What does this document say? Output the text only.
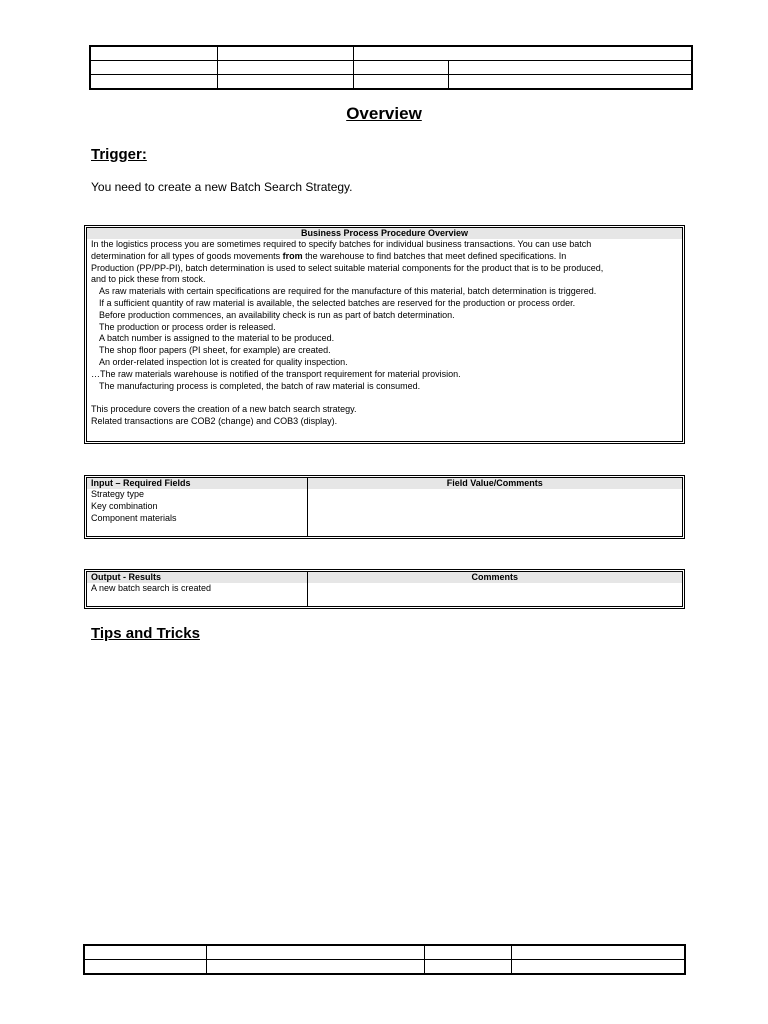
Overview
Trigger:
You need to create a new Batch Search Strategy.
Business Process Procedure Overview
In the logistics process you are sometimes required to specify batches for individual business transactions. You can use batch
determination for all types of goods movements from the warehouse to find batches that meet defined specifications. In
Production (PP/PP-PI), batch determination is used to select suitable material components for the product that is to be produced,
and to pick these from stock.
As raw materials with certain specifications are required for the manufacture of this material, batch determination is triggered.
If a sufficient quantity of raw material is available, the selected batches are reserved for the production or process order.
Before production commences, an availability check is run as part of batch determination.
The production or process order is released.
A batch number is assigned to the material to be produced.
The shop floor papers (PI sheet, for example) are created.
An order-related inspection lot is created for quality inspection.
…The raw materials warehouse is notified of the transport requirement for material provision.
The manufacturing process is completed, the batch of raw material is consumed.
This procedure covers the creation of a new batch search strategy.
Related transactions are COB2 (change) and COB3 (display).
Input – Required Fields	Field Value/Comments

Strategy type
Key combination
Component materials	

Output - Results	Comments
A new batch search is created	
Tips and Tricks
